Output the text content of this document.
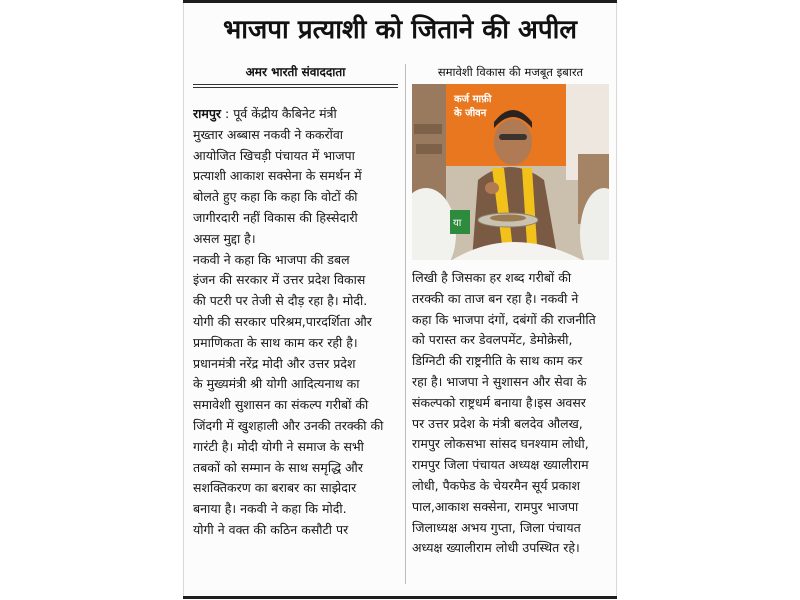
भाजपा प्रत्याशी को जिताने की अपील
अमर भारती संवाददाता	समावेशी विकास की मजबूत इबारत
कर्ज माफ़ी
के जीवन
या
रामपुर : पूर्व केंद्रीय कैबिनेट मंत्री
मुख्तार अब्बास नकवी ने ककरोंवा
आयोजित खिचड़ी पंचायत में भाजपा
प्रत्याशी आकाश सक्सेना के समर्थन में
बोलते हुए कहा कि कहा कि वोटों की
जागीरदारी नहीं विकास की हिस्सेदारी
असल मुद्दा है।
नकवी ने कहा कि भाजपा की डबल
इंजन की सरकार में उत्तर प्रदेश विकास
की पटरी पर तेजी से दौड़ रहा है। मोदी.
योगी की सरकार परिश्रम,पारदर्शिता और
प्रमाणिकता के साथ काम कर रही है।
प्रधानमंत्री नरेंद्र मोदी और उत्तर प्रदेश
के मुख्यमंत्री श्री योगी आदित्यनाथ का
समावेशी सुशासन का संकल्प गरीबों की
जिंदगी में खुशहाली और उनकी तरक्की की
गारंटी है। मोदी योगी ने समाज के सभी
तबकों को सम्मान के साथ समृद्धि और
सशक्तिकरण का बराबर का साझेदार
बनाया है। नकवी ने कहा कि मोदी.
योगी ने वक्त की कठिन कसौटी पर
लिखी है जिसका हर शब्द गरीबों की
तरक्की का ताज बन रहा है। नकवी ने
कहा कि भाजपा दंगों, दबंगों की राजनीति
को परास्त कर डेवलपमेंट, डेमोक्रेसी,
डिग्निटी की राष्ट्रनीति के साथ काम कर
रहा है। भाजपा ने सुशासन और सेवा के
संकल्पको राष्ट्रधर्म बनाया है।इस अवसर
पर उत्तर प्रदेश के मंत्री बलदेव औलख,
रामपुर लोकसभा सांसद घनश्याम लोधी,
रामपुर जिला पंचायत अध्यक्ष ख्यालीराम
लोधी, पैकफेड के चेयरमैन सूर्य प्रकाश
पाल,आकाश सक्सेना, रामपुर भाजपा
जिलाध्यक्ष अभय गुप्ता, जिला पंचायत
अध्यक्ष ख्यालीराम लोधी उपस्थित रहे।
